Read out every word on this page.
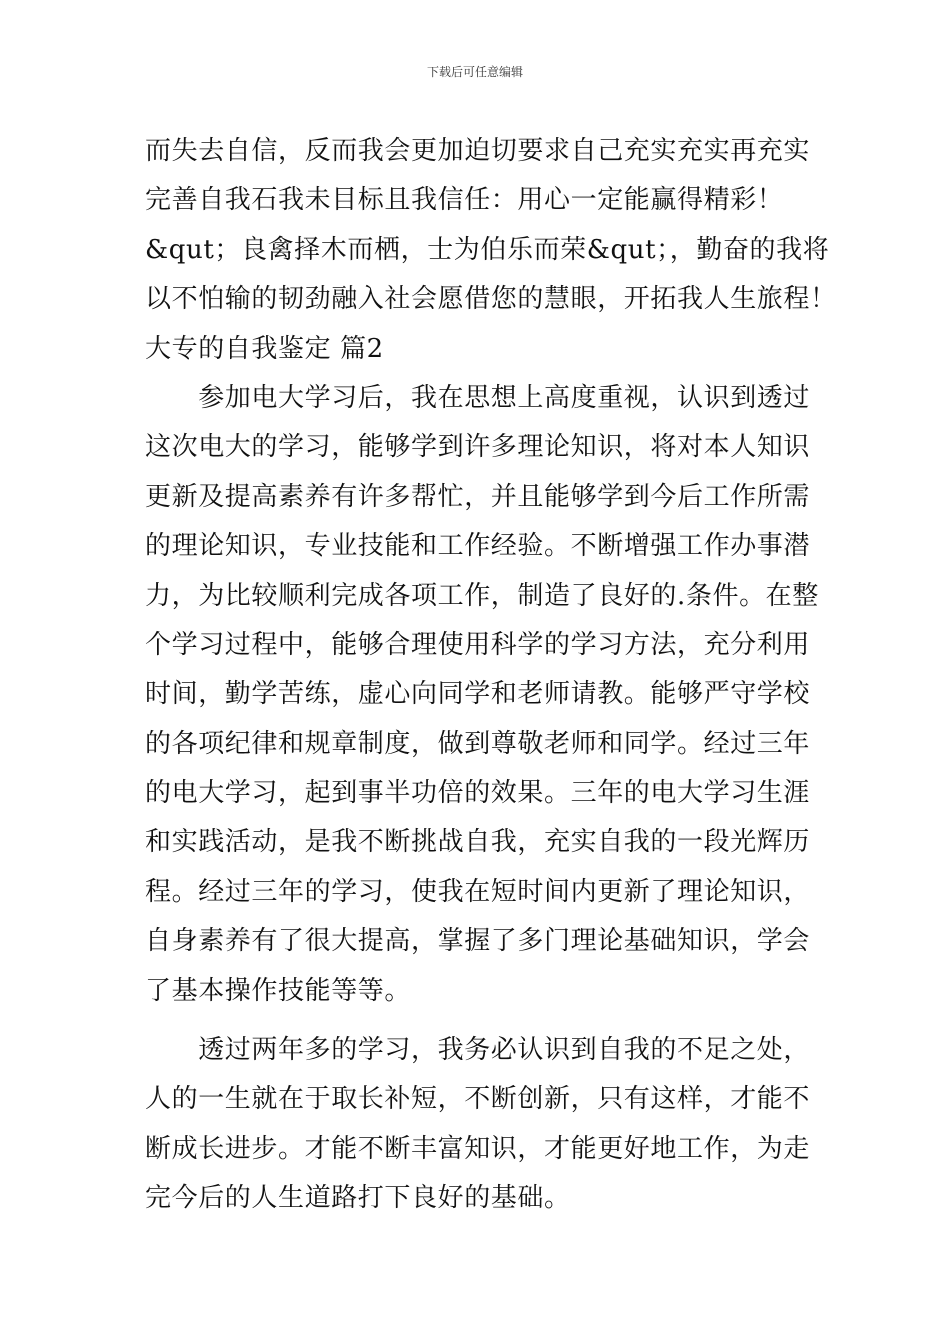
下载后可任意编辑
而失去自信，反而我会更加迫切要求自己充实充实再充实
完善自我石我未目标且我信任：用心一定能赢得精彩！
&qut；良禽择木而栖，士为伯乐而荣&qut；，勤奋的我将
以不怕输的韧劲融入社会愿借您的慧眼，开拓我人生旅程！
大专的自我鉴定 篇2
　　参加电大学习后，我在思想上高度重视，认识到透过
这次电大的学习，能够学到许多理论知识，将对本人知识
更新及提高素养有许多帮忙，并且能够学到今后工作所需
的理论知识，专业技能和工作经验。不断增强工作办事潜
力，为比较顺利完成各项工作，制造了良好的.条件。在整
个学习过程中，能够合理使用科学的学习方法，充分利用
时间，勤学苦练，虚心向同学和老师请教。能够严守学校
的各项纪律和规章制度，做到尊敬老师和同学。经过三年
的电大学习，起到事半功倍的效果。三年的电大学习生涯
和实践活动，是我不断挑战自我，充实自我的一段光辉历
程。经过三年的学习，使我在短时间内更新了理论知识，
自身素养有了很大提高，掌握了多门理论基础知识，学会
了基本操作技能等等。
　　透过两年多的学习，我务必认识到自我的不足之处，
人的一生就在于取长补短，不断创新，只有这样，才能不
断成长进步。才能不断丰富知识，才能更好地工作，为走
完今后的人生道路打下良好的基础。
